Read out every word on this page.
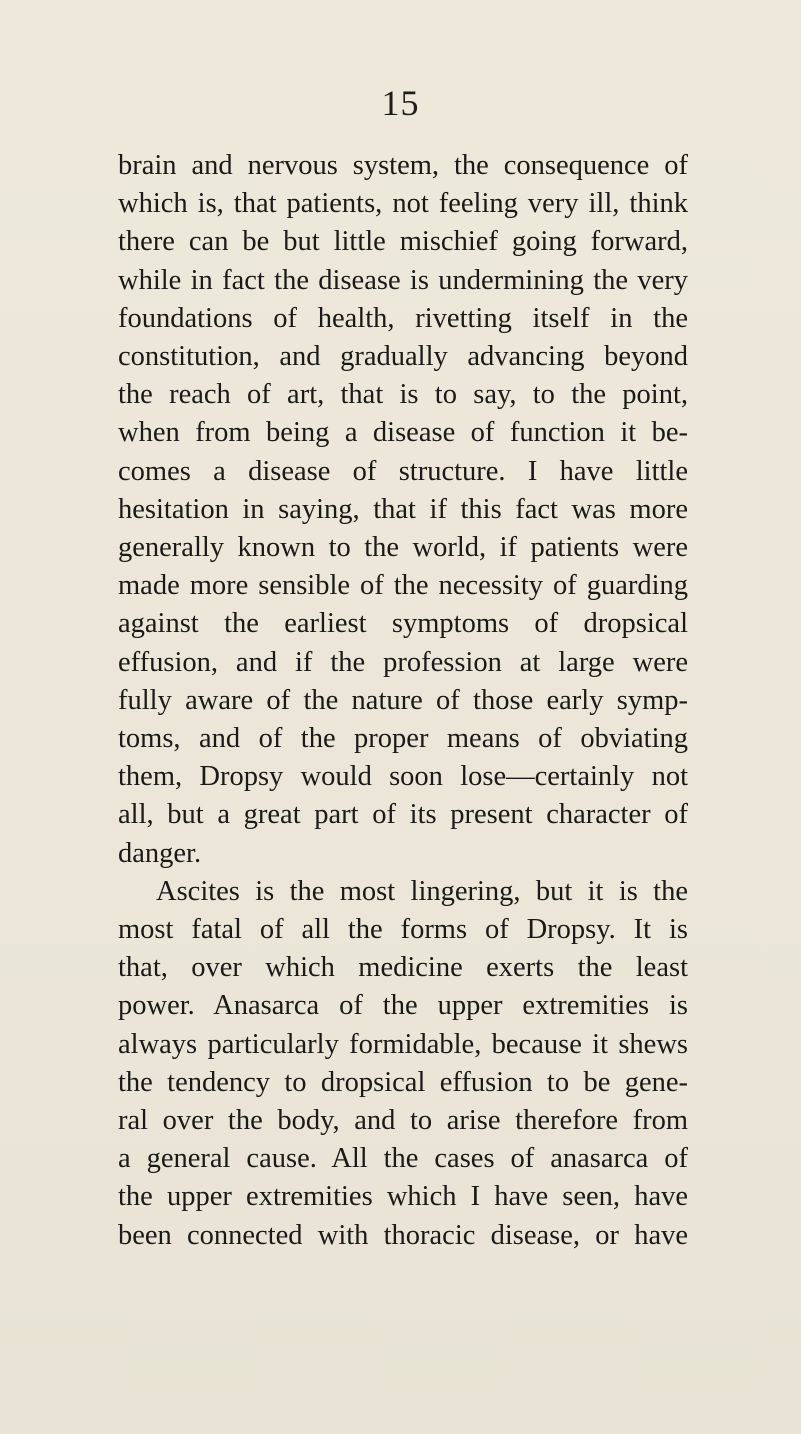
15
brain and nervous system, the consequence of
which is, that patients, not feeling very ill, think
there can be but little mischief going forward,
while in fact the disease is undermining the very
foundations of health, rivetting itself in the
constitution, and gradually advancing beyond
the reach of art, that is to say, to the point,
when from being a disease of function it be-
comes a disease of structure. I have little
hesitation in saying, that if this fact was more
generally known to the world, if patients were
made more sensible of the necessity of guarding
against the earliest symptoms of dropsical
effusion, and if the profession at large were
fully aware of the nature of those early symp-
toms, and of the proper means of obviating
them, Dropsy would soon lose—certainly not
all, but a great part of its present character of
danger.
Ascites is the most lingering, but it is the
most fatal of all the forms of Dropsy. It is
that, over which medicine exerts the least
power. Anasarca of the upper extremities is
always particularly formidable, because it shews
the tendency to dropsical effusion to be gene-
ral over the body, and to arise therefore from
a general cause. All the cases of anasarca of
the upper extremities which I have seen, have
been connected with thoracic disease, or have
